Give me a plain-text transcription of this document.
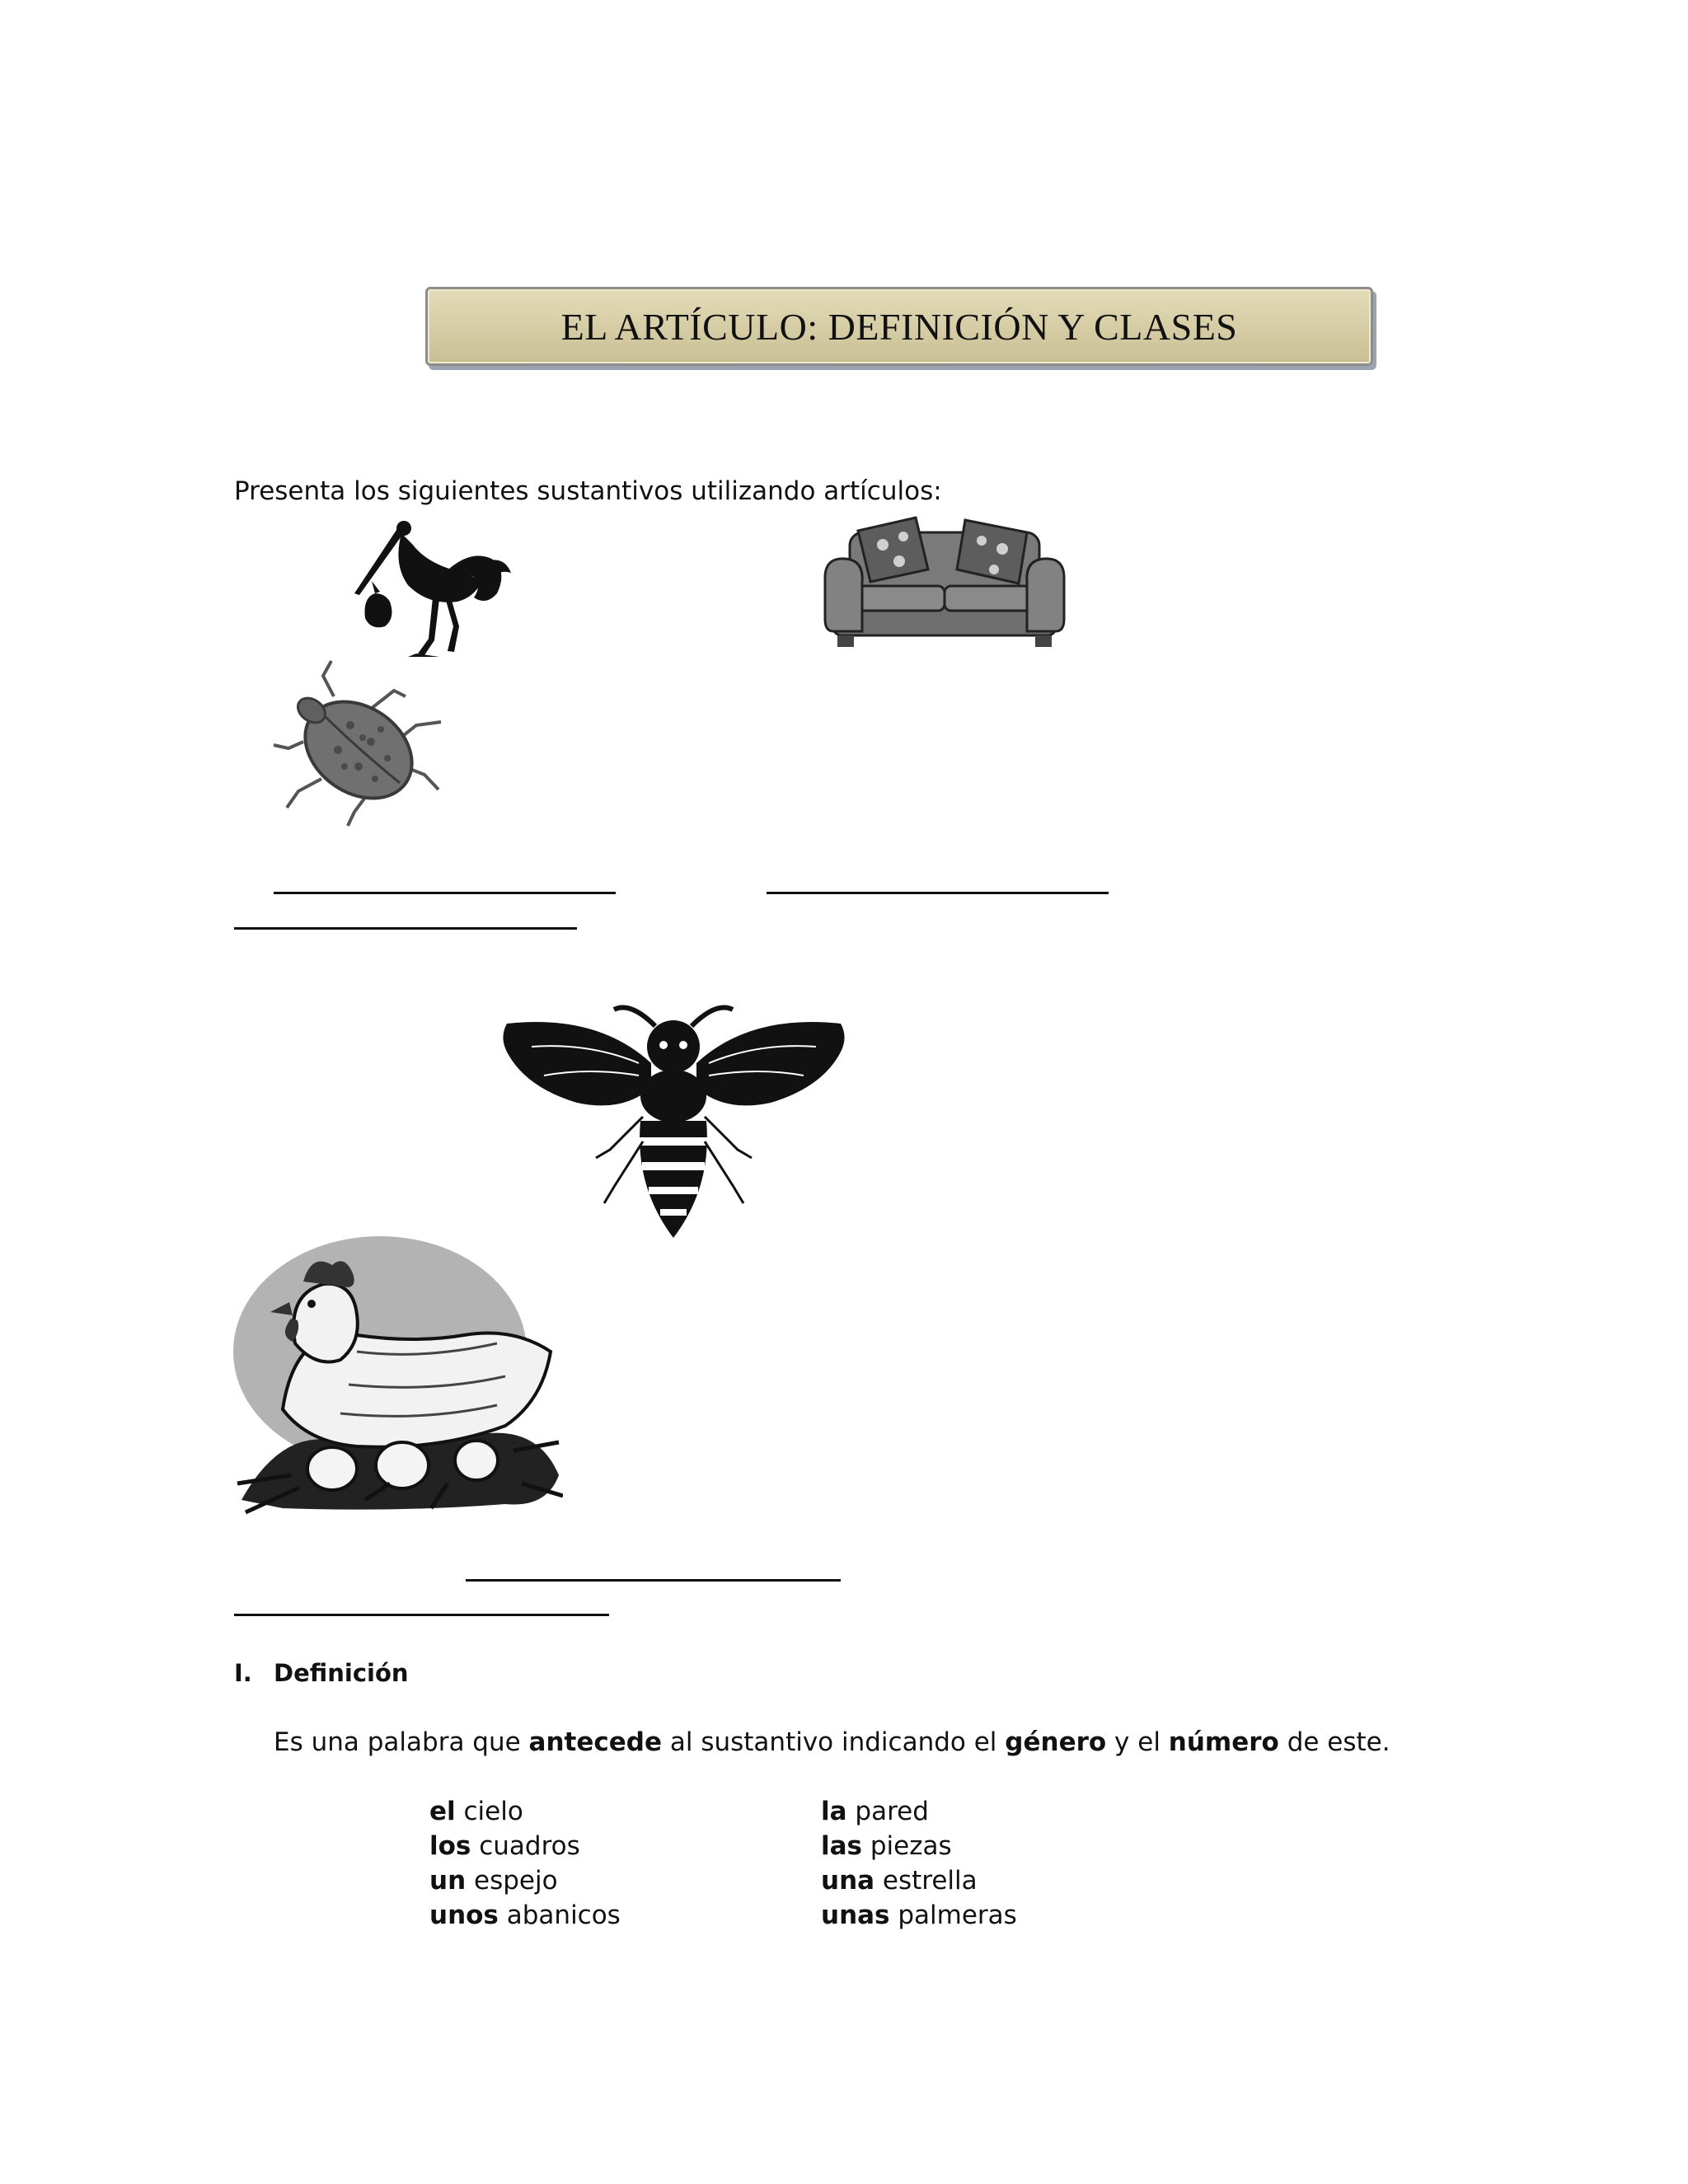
EL ARTÍCULO: DEFINICIÓN Y CLASES
Presenta los siguientes sustantivos utilizando artículos:
I. Definición
Es una palabra que antecede al sustantivo indicando el género y el número de este.
el cielo
los cuadros
un espejo
unos abanicos
la pared
las piezas
una estrella
unas palmeras
